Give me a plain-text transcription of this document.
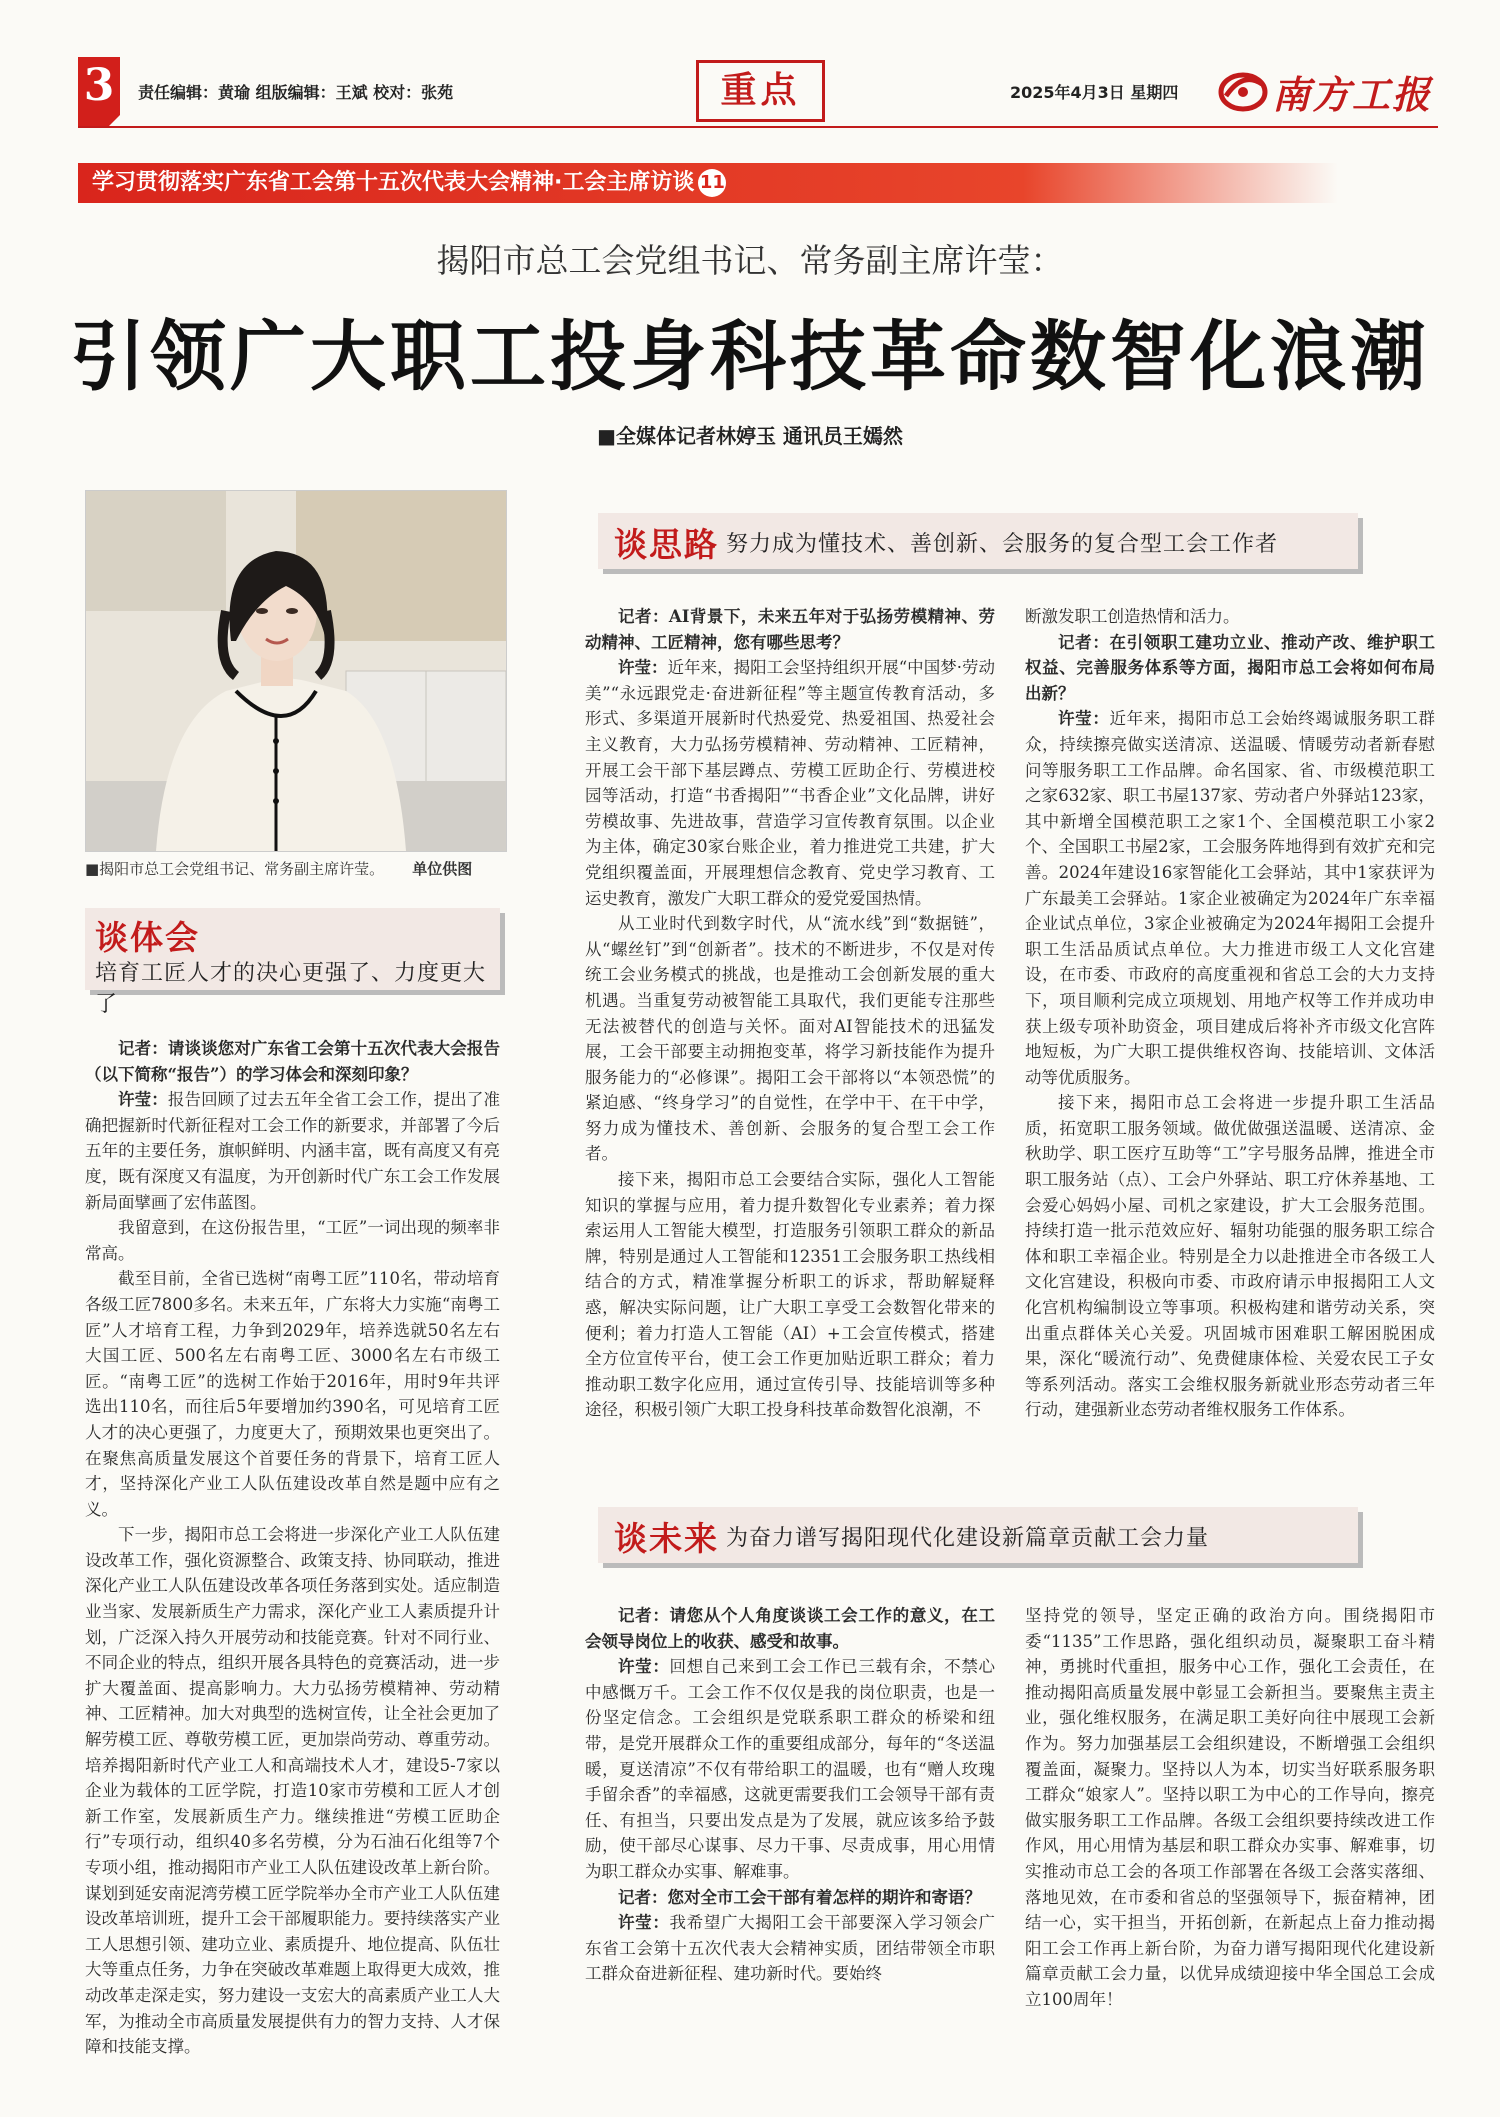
3	责任编辑：黄瑜 组版编辑：王斌 校对：张苑	重点	2025年4月3日 星期四 南方工报
学习贯彻落实广东省工会第十五次代表大会精神·工会主席访谈 11
揭阳市总工会党组书记、常务副主席许莹：
引领广大职工投身科技革命数智化浪潮
■全媒体记者林婷玉 通讯员王嫣然
■揭阳市总工会党组书记、常务副主席许莹。 单位供图
谈体会
培育工匠人才的决心更强了、力度更大了
谈思路 努力成为懂技术、善创新、会服务的复合型工会工作者
谈未来 为奋力谱写揭阳现代化建设新篇章贡献工会力量

记者：请谈谈您对广东省工会第十五次代表大会报告（以下简称“报告”）的学习体会和深刻印象？

许莹：报告回顾了过去五年全省工会工作，提出了准确把握新时代新征程对工会工作的新要求，并部署了今后五年的主要任务，旗帜鲜明、内涵丰富，既有高度又有亮度，既有深度又有温度，为开创新时代广东工会工作发展新局面擘画了宏伟蓝图。

我留意到，在这份报告里，“工匠”一词出现的频率非常高。

截至目前，全省已选树“南粤工匠”110名，带动培育各级工匠7800多名。未来五年，广东将大力实施“南粤工匠”人才培育工程，力争到2029年，培养选就50名左右大国工匠、500名左右南粤工匠、3000名左右市级工匠。“南粤工匠”的选树工作始于2016年，用时9年共评选出110名，而往后5年要增加约390名，可见培育工匠人才的决心更强了，力度更大了，预期效果也更突出了。在聚焦高质量发展这个首要任务的背景下，培育工匠人才，坚持深化产业工人队伍建设改革自然是题中应有之义。

下一步，揭阳市总工会将进一步深化产业工人队伍建设改革工作，强化资源整合、政策支持、协同联动，推进深化产业工人队伍建设改革各项任务落到实处。适应制造业当家、发展新质生产力需求，深化产业工人素质提升计划，广泛深入持久开展劳动和技能竞赛。针对不同行业、不同企业的特点，组织开展各具特色的竞赛活动，进一步扩大覆盖面、提高影响力。大力弘扬劳模精神、劳动精神、工匠精神。加大对典型的选树宣传，让全社会更加了解劳模工匠、尊敬劳模工匠，更加崇尚劳动、尊重劳动。培养揭阳新时代产业工人和高端技术人才，建设5-7家以企业为载体的工匠学院，打造10家市劳模和工匠人才创新工作室，发展新质生产力。继续推进“劳模工匠助企行”专项行动，组织40多名劳模，分为石油石化组等7个专项小组，推动揭阳市产业工人队伍建设改革上新台阶。谋划到延安南泥湾劳模工匠学院举办全市产业工人队伍建设改革培训班，提升工会干部履职能力。要持续落实产业工人思想引领、建功立业、素质提升、地位提高、队伍壮大等重点任务，力争在突破改革难题上取得更大成效，推动改革走深走实，努力建设一支宏大的高素质产业工人大军，为推动全市高质量发展提供有力的智力支持、人才保障和技能支撑。

记者：AI背景下，未来五年对于弘扬劳模精神、劳动精神、工匠精神，您有哪些思考？

许莹：近年来，揭阳工会坚持组织开展“中国梦·劳动美”“永远跟党走·奋进新征程”等主题宣传教育活动，多形式、多渠道开展新时代热爱党、热爱祖国、热爱社会主义教育，大力弘扬劳模精神、劳动精神、工匠精神，开展工会干部下基层蹲点、劳模工匠助企行、劳模进校园等活动，打造“书香揭阳”“书香企业”文化品牌，讲好劳模故事、先进故事，营造学习宣传教育氛围。以企业为主体，确定30家台账企业，着力推进党工共建，扩大党组织覆盖面，开展理想信念教育、党史学习教育、工运史教育，激发广大职工群众的爱党爱国热情。

从工业时代到数字时代，从“流水线”到“数据链”，从“螺丝钉”到“创新者”。技术的不断进步，不仅是对传统工会业务模式的挑战，也是推动工会创新发展的重大机遇。当重复劳动被智能工具取代，我们更能专注那些无法被替代的创造与关怀。面对AI智能技术的迅猛发展，工会干部要主动拥抱变革，将学习新技能作为提升服务能力的“必修课”。揭阳工会干部将以“本领恐慌”的紧迫感、“终身学习”的自觉性，在学中干、在干中学，努力成为懂技术、善创新、会服务的复合型工会工作者。

接下来，揭阳市总工会要结合实际，强化人工智能知识的掌握与应用，着力提升数智化专业素养；着力探索运用人工智能大模型，打造服务引领职工群众的新品牌，特别是通过人工智能和12351工会服务职工热线相结合的方式，精准掌握分析职工的诉求，帮助解疑释惑，解决实际问题，让广大职工享受工会数智化带来的便利；着力打造人工智能（AI）+工会宣传模式，搭建全方位宣传平台，使工会工作更加贴近职工群众；着力推动职工数字化应用，通过宣传引导、技能培训等多种途径，积极引领广大职工投身科技革命数智化浪潮，不

断激发职工创造热情和活力。

记者：在引领职工建功立业、推动产改、维护职工权益、完善服务体系等方面，揭阳市总工会将如何布局出新？

许莹：近年来，揭阳市总工会始终竭诚服务职工群众，持续擦亮做实送清凉、送温暖、情暖劳动者新春慰问等服务职工工作品牌。命名国家、省、市级模范职工之家632家、职工书屋137家、劳动者户外驿站123家，其中新增全国模范职工之家1个、全国模范职工小家2个、全国职工书屋2家，工会服务阵地得到有效扩充和完善。2024年建设16家智能化工会驿站，其中1家获评为广东最美工会驿站。1家企业被确定为2024年广东幸福企业试点单位，3家企业被确定为2024年揭阳工会提升职工生活品质试点单位。大力推进市级工人文化宫建设，在市委、市政府的高度重视和省总工会的大力支持下，项目顺利完成立项规划、用地产权等工作并成功申获上级专项补助资金，项目建成后将补齐市级文化宫阵地短板，为广大职工提供维权咨询、技能培训、文体活动等优质服务。

接下来，揭阳市总工会将进一步提升职工生活品质，拓宽职工服务领域。做优做强送温暖、送清凉、金秋助学、职工医疗互助等“工”字号服务品牌，推进全市职工服务站（点）、工会户外驿站、职工疗休养基地、工会爱心妈妈小屋、司机之家建设，扩大工会服务范围。持续打造一批示范效应好、辐射功能强的服务职工综合体和职工幸福企业。特别是全力以赴推进全市各级工人文化宫建设，积极向市委、市政府请示申报揭阳工人文化宫机构编制设立等事项。积极构建和谐劳动关系，突出重点群体关心关爱。巩固城市困难职工解困脱困成果，深化“暖流行动”、免费健康体检、关爱农民工子女等系列活动。落实工会维权服务新就业形态劳动者三年行动，建强新业态劳动者维权服务工作体系。

记者：请您从个人角度谈谈工会工作的意义，在工会领导岗位上的收获、感受和故事。

许莹：回想自己来到工会工作已三载有余，不禁心中感慨万千。工会工作不仅仅是我的岗位职责，也是一份坚定信念。工会组织是党联系职工群众的桥梁和纽带，是党开展群众工作的重要组成部分，每年的“冬送温暖，夏送清凉”不仅有带给职工的温暖，也有“赠人玫瑰 手留余香”的幸福感，这就更需要我们工会领导干部有责任、有担当，只要出发点是为了发展，就应该多给予鼓励，使干部尽心谋事、尽力干事、尽责成事，用心用情为职工群众办实事、解难事。

记者：您对全市工会干部有着怎样的期许和寄语？

许莹：我希望广大揭阳工会干部要深入学习领会广东省工会第十五次代表大会精神实质，团结带领全市职工群众奋进新征程、建功新时代。要始终

坚持党的领导，坚定正确的政治方向。围绕揭阳市委“1135”工作思路，强化组织动员，凝聚职工奋斗精神，勇挑时代重担，服务中心工作，强化工会责任，在推动揭阳高质量发展中彰显工会新担当。要聚焦主责主业，强化维权服务，在满足职工美好向往中展现工会新作为。努力加强基层工会组织建设，不断增强工会组织覆盖面，凝聚力。坚持以人为本，切实当好联系服务职工群众“娘家人”。坚持以职工为中心的工作导向，擦亮做实服务职工工作品牌。各级工会组织要持续改进工作作风，用心用情为基层和职工群众办实事、解难事，切实推动市总工会的各项工作部署在各级工会落实落细、落地见效，在市委和省总的坚强领导下，振奋精神，团结一心，实干担当，开拓创新，在新起点上奋力推动揭阳工会工作再上新台阶，为奋力谱写揭阳现代化建设新篇章贡献工会力量，以优异成绩迎接中华全国总工会成立100周年！
